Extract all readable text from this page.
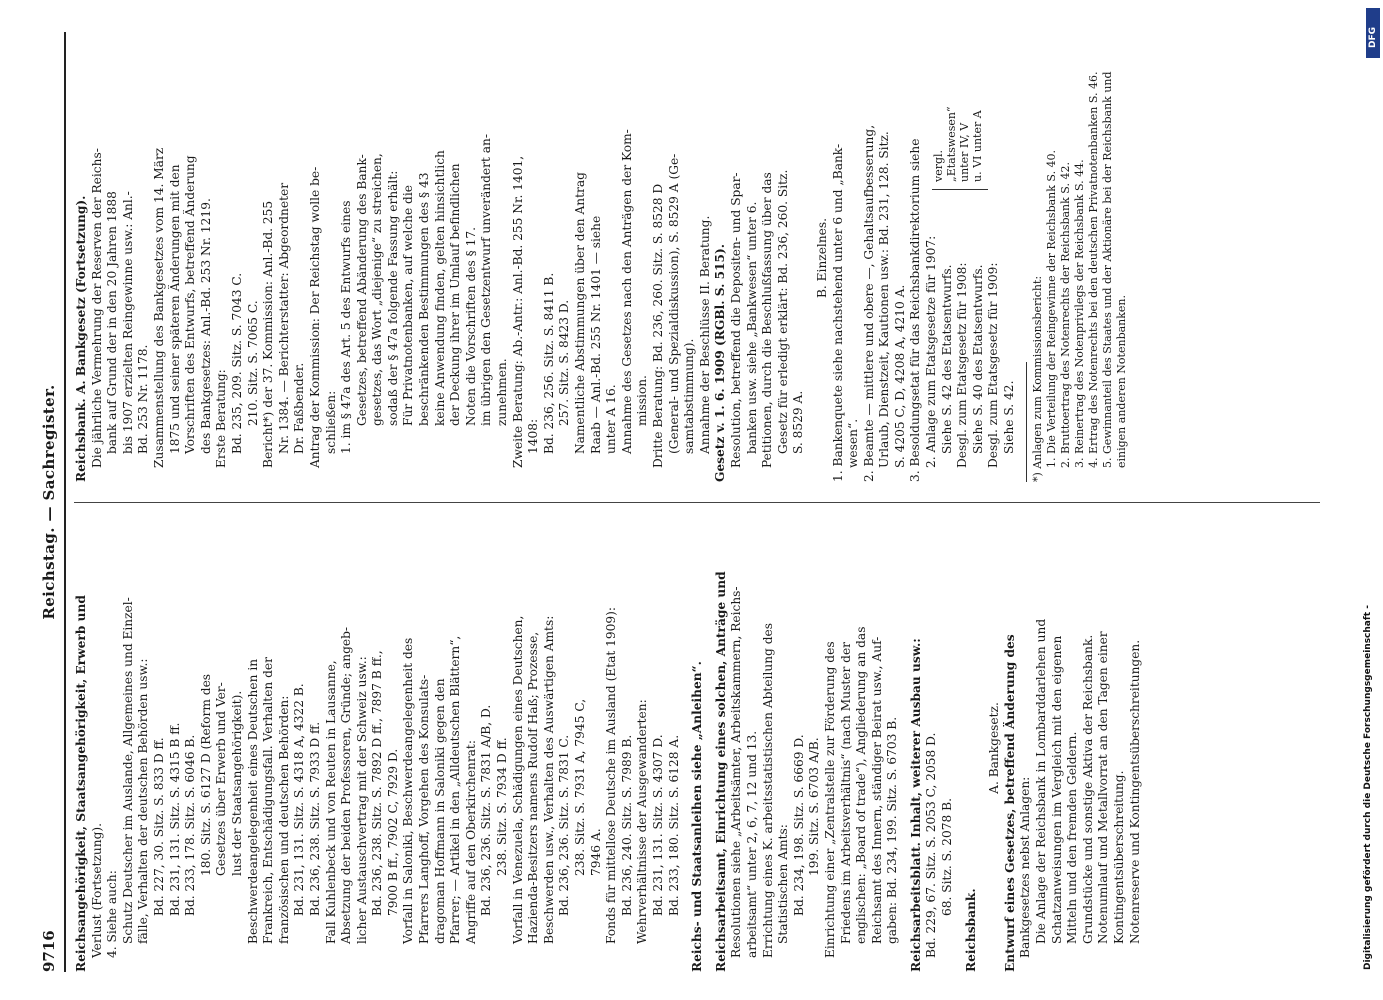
9716
Reichstag. — Sachregister.
Reichsangehörigkeit, Staatsangehörigkeit, Erwerb und Verlust (Fortsetzung). 4. Siehe auch: Schutz Deutscher im Auslande, Allgemeines und Einzel- fälle, Verhalten der deutschen Behörden usw.: Bd. 227, 30. Sitz. S. 833 D ff. Bd. 231, 131. Sitz. S. 4315 B ff. Bd. 233, 178. Sitz. S. 6046 B. 180. Sitz. S. 6127 D (Reform des Gesetzes über Erwerb und Ver- lust der Staatsangehörigkeit). Beschwerdeangelegenheit eines Deutschen in Frankreich, Entschädigungsfall. Verhalten der französischen und deutschen Behörden: Bd. 231, 131. Sitz. S. 4318 A, 4322 B. Bd. 236, 238. Sitz. S. 7933 D ff. Fall Kuhlenbeck und von Reuten in Lausanne, Absetzung der beiden Professoren, Gründe; angeb- licher Austauschvertrag mit der Schweiz usw.: Bd. 236, 238. Sitz. S. 7892 D ff., 7897 B ff., 7900 B ff., 7902 C, 7929 D. Vorfall in Saloniki, Beschwerdeangelegenheit des Pfarrers Langhoff, Vorgehen des Konsulats- dragoman Hoffmann in Saloniki gegen den Pfarrer; — Artikel in den „Alldeutschen Blättern“, Angriffe auf den Oberkirchenrat: Bd. 236, 236. Sitz. S. 7831 A/B, D. 238. Sitz. S. 7934 D ff. Vorfall in Venezuela, Schädigungen eines Deutschen, Hazienda-Besitzers namens Rudolf Haß; Prozesse, Beschwerden usw., Verhalten des Auswärtigen Amts: Bd. 236, 236. Sitz. S. 7831 C. 238. Sitz. S. 7931 A, 7945 C, 7946 A. Fonds für mittellose Deutsche im Ausland (Etat 1909): Bd. 236, 240. Sitz. S. 7989 B. Wehrverhältnisse der Ausgewanderten: Bd. 231, 131. Sitz. S. 4307 D. Bd. 233, 180. Sitz. S. 6128 A. Reichs- und Staatsanleihen siehe „Anleihen“. Reichsarbeitsamt, Einrichtung eines solchen, Anträge und Resolutionen siehe „Arbeitsämter, Arbeitskammern, Reichs- arbeitsamt“ unter 2, 6, 7, 12 und 13. Errichtung eines K. arbeitsstatistischen Abteilung des Statistischen Amts: Bd. 234, 198. Sitz. S. 6669 D. 199. Sitz. S. 6703 A/B. Einrichtung einer „Zentralstelle zur Förderung des Friedens im Arbeitsverhältnis“ (nach Muster der englischen: „Board of trade“), Angliederung an das Reichsamt des Innern, ständiger Beirat usw., Auf- gaben: Bd. 234, 199. Sitz. S. 6703 B. Reichsarbeitsblatt. Inhalt, weiterer Ausbau usw.: Bd. 229, 67. Sitz. S. 2053 C, 2058 D. 68. Sitz. S. 2078 B.
Reichsbank.
A. Bankgesetz. Entwurf eines Gesetzes, betreffend Änderung des Bankgesetzes nebst Anlagen: Die Anlage der Reichsbank in Lombarddarlehen und Schatzanweisungen im Vergleich mit den eigenen Mitteln und den fremden Geldern. Grundstücke und sonstige Aktiva der Reichsbank. Notenumlauf und Metallvorrat an den Tagen einer Kontingentsüberschreitung. Notenreserve und Kontingentsüberschreitungen.
Reichsbank. A. Bankgesetz (Fortsetzung). Die jährliche Vermehrung der Reserven der Reichs- bank auf Grund der in den 20 Jahren 1888 bis 1907 erzielten Reingewinne usw.: Anl.- Bd. 253 Nr. 1178. Zusammenstellung des Bankgesetzes vom 14. März 1875 und seiner späteren Änderungen mit den Vorschriften des Entwurfs, betreffend Änderung des Bankgesetzes: Anl.-Bd. 253 Nr. 1219. Erste Beratung: Bd. 235, 209. Sitz. S. 7043 C. 210. Sitz. S. 7065 C. Bericht*) der 37. Kommission: Anl.-Bd. 255 Nr. 1384. — Berichterstatter: Abgeordneter Dr. Faßbender. Antrag der Kommission: Der Reichstag wolle be- schließen: 1. im § 47a des Art. 5 des Entwurfs eines Gesetzes, betreffend Abänderung des Bank- gesetzes, das Wort „diejenige“ zu streichen, sodaß der § 47a folgende Fassung erhält: Für Privatnotenbanken, auf welche die beschränkenden Bestimmungen des § 43 keine Anwendung finden, gelten hinsichtlich der Deckung ihrer im Umlauf befindlichen Noten die Vorschriften des § 17. im übrigen den Gesetzentwurf unverändert an- zunehmen. Zweite Beratung: Ab.-Antr.: Anl.-Bd. 255 Nr. 1401, 1408: Bd. 236, 256. Sitz. S. 8411 B. 257. Sitz. S. 8423 D. Namentliche Abstimmungen über den Antrag Raab — Anl.-Bd. 255 Nr. 1401 — siehe unter A 16. Annahme des Gesetzes nach den Anträgen der Kom- mission. Dritte Beratung: Bd. 236, 260. Sitz. S. 8528 D (General- und Spezialdiskussion), S. 8529 A (Ge- samtabstimmung). Annahme der Beschlüsse II. Beratung. Gesetz v. 1. 6. 1909 (RGBl. S. 515). Resolution, betreffend die Depositen- und Spar- banken usw. siehe „Bankwesen“ unter 6. Petitionen, durch die Beschlußfassung über das Gesetz für erledigt erklärt: Bd. 236, 260. Sitz. S. 8529 A.
B. Einzelnes. 1. Bankenquete siehe nachstehend unter 6 und „Bank- wesen“. 2. Beamte — mittlere und obere —, Gehaltsaufbesserung, Urlaub, Dienstzeit, Kautionen usw.: Bd. 231, 128. Sitz. S. 4205 C, D, 4208 A, 4210 A. 3. Besoldungsetat für das Reichsbankdirektorium siehe 2. Anlage zum Etatsgesetze für 1907: Siehe S. 42 des Etatsentwurfs. Desgl. zum Etatsgesetz für 1908: Siehe S. 40 des Etatsentwurfs. Desgl. zum Etatsgesetz für 1909: Siehe S. 42.
vergl. „Etatswesen“ unter IV, V u. VI unter A
*) Anlagen zum Kommissionsbericht: 1. Die Verteilung der Reingewinne der Reichsbank S. 40. 2. Bruttoertrag des Notenrechts der Reichsbank S. 42. 3. Reinertrag des Notenprivilegs der Reichsbank S. 44. 4. Ertrag des Notenrechts bei den deutschen Privatnotenbanken S. 46. 5. Gewinnanteil des Staates und der Aktionäre bei der Reichsbank und einigen anderen Notenbanken.
Digitalisierung gefördert durch die Deutsche Forschungsgemeinschaft -
DFG
